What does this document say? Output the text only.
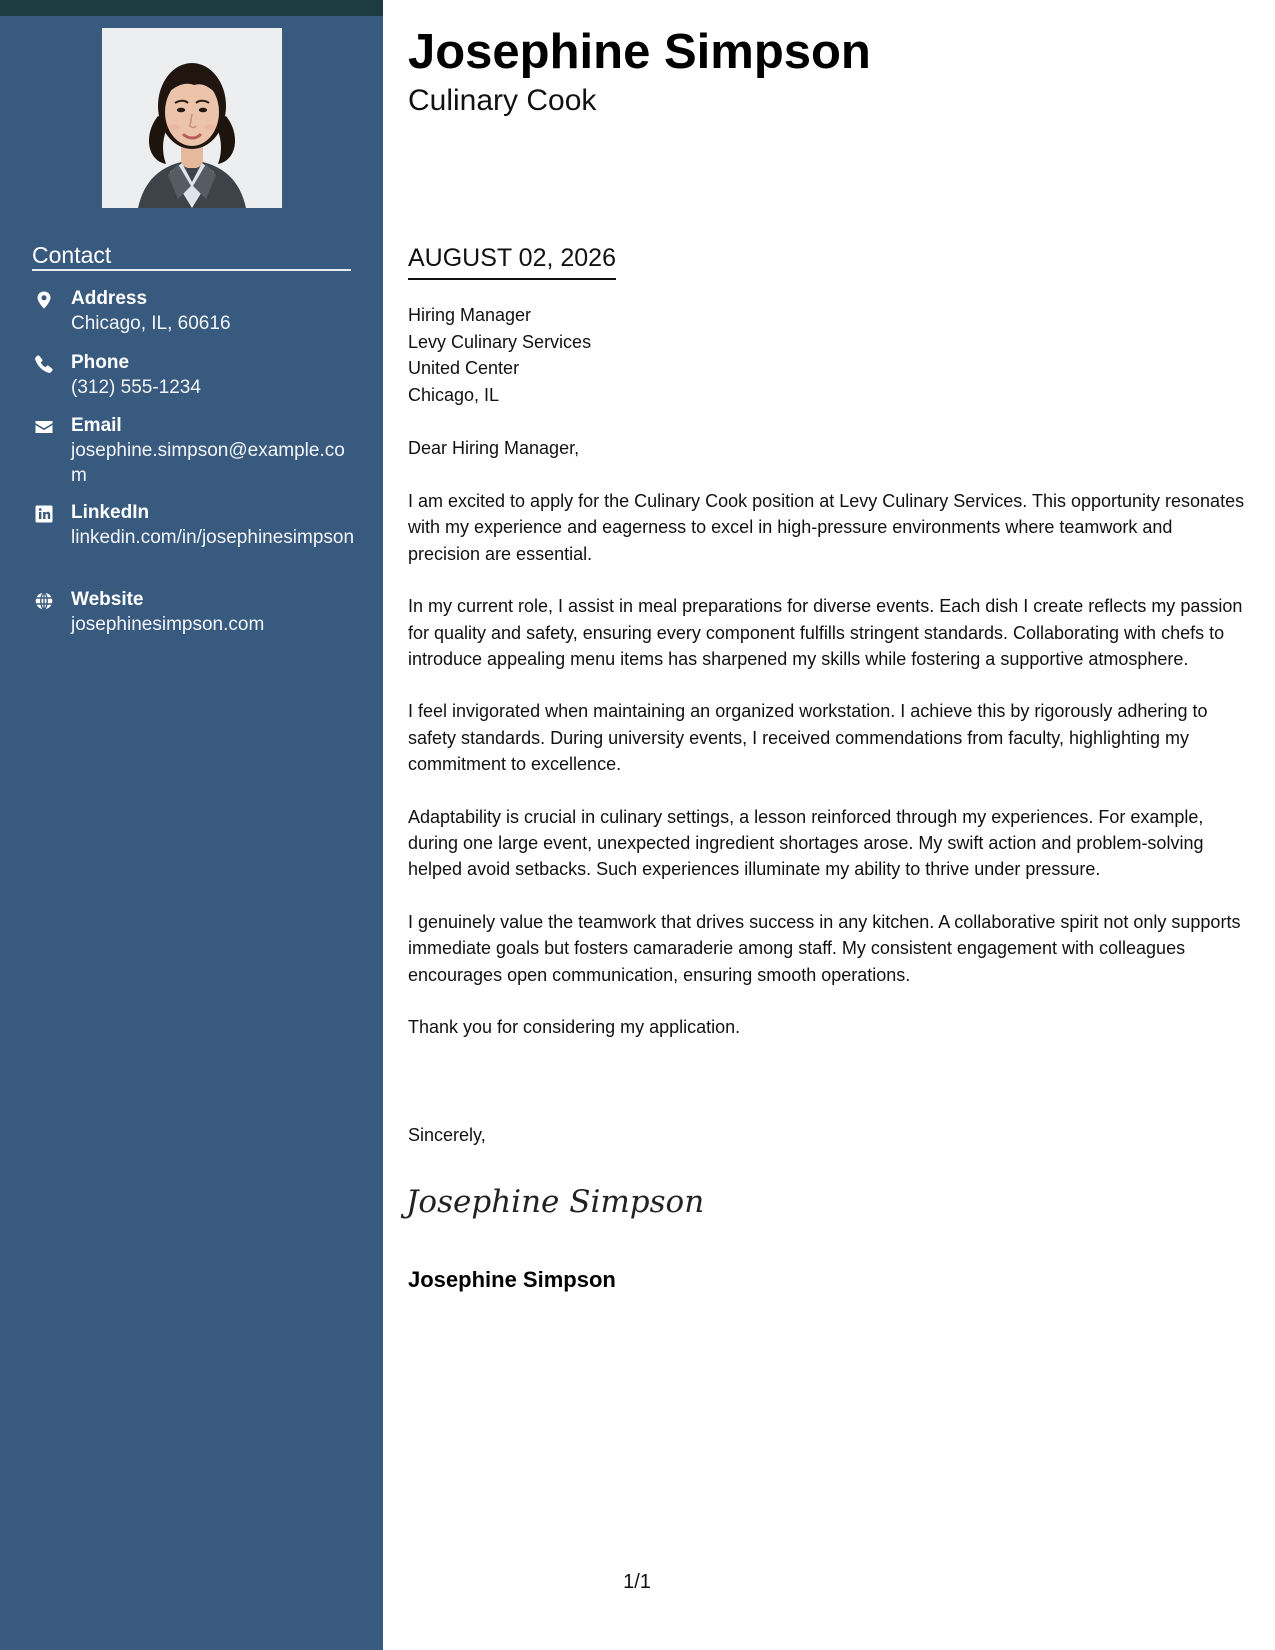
Contact
Address
Chicago, IL, 60616
Phone
(312) 555-1234
Email
josephine.simpson@example.com
LinkedIn
linkedin.com/in/josephinesimpson
Website
josephinesimpson.com
Josephine Simpson
Culinary Cook
AUGUST 02, 2026
Hiring Manager
Levy Culinary Services
United Center
Chicago, IL
Dear Hiring Manager,

I am excited to apply for the Culinary Cook position at Levy Culinary Services. This opportunity resonates with my experience and eagerness to excel in high-pressure environments where teamwork and precision are essential.

In my current role, I assist in meal preparations for diverse events. Each dish I create reflects my passion for quality and safety, ensuring every component fulfills stringent standards. Collaborating with chefs to introduce appealing menu items has sharpened my skills while fostering a supportive atmosphere.

I feel invigorated when maintaining an organized workstation. I achieve this by rigorously adhering to safety standards. During university events, I received commendations from faculty, highlighting my commitment to excellence.

Adaptability is crucial in culinary settings, a lesson reinforced through my experiences. For example, during one large event, unexpected ingredient shortages arose. My swift action and problem-solving helped avoid setbacks. Such experiences illuminate my ability to thrive under pressure.

I genuinely value the teamwork that drives success in any kitchen. A collaborative spirit not only supports immediate goals but fosters camaraderie among staff. My consistent engagement with colleagues encourages open communication, ensuring smooth operations.

Thank you for considering my application.

Sincerely,
Josephine Simpson
Josephine Simpson
1/1
